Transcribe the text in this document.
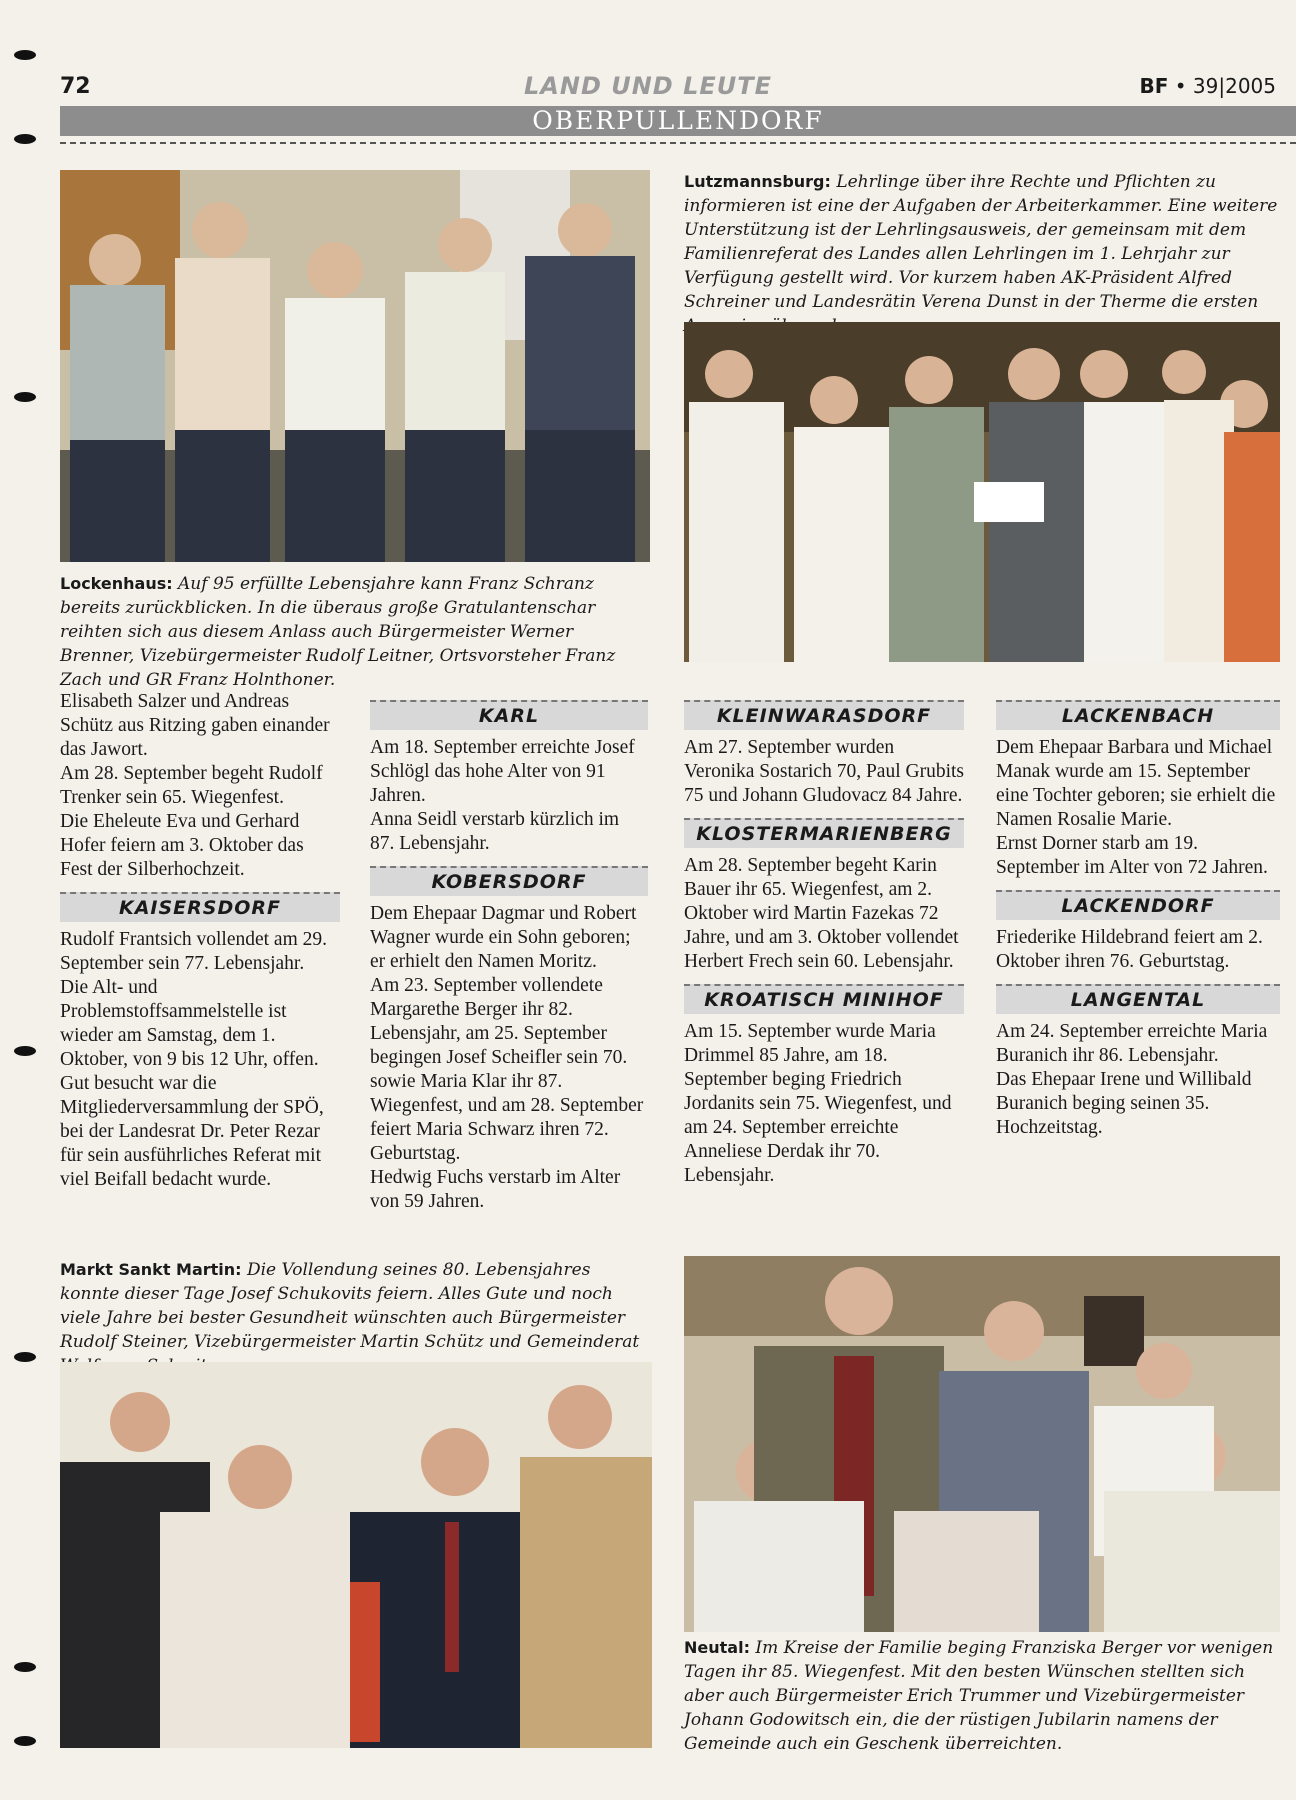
72	LAND UND LEUTE	BF • 39|2005
OBERPULLENDORF
Lockenhaus: Auf 95 erfüllte Lebensjahre kann Franz Schranz bereits zurückblicken. In die überaus große Gratulantenschar reihten sich aus diesem Anlass auch Bürgermeister Werner Brenner, Vizebürgermeister Rudolf Leitner, Ortsvorsteher Franz Zach und GR Franz Holnthoner.
Lutzmannsburg: Lehrlinge über ihre Rechte und Pflichten zu informieren ist eine der Aufgaben der Arbeiterkammer. Eine weitere Unterstützung ist der Lehrlingsausweis, der gemeinsam mit dem Familienreferat des Landes allen Lehrlingen im 1. Lehrjahr zur Verfügung gestellt wird. Vor kurzem haben AK-Präsident Alfred Schreiner und Landesrätin Verena Dunst in der Therme die ersten

Elisabeth Salzer und Andreas Schütz aus Ritzing gaben einander das Jawort.

Am 28. September begeht Rudolf Trenker sein 65. Wiegenfest.

Die Eheleute Eva und Gerhard Hofer feiern am 3. Oktober das Fest der Silberhochzeit.

KAISERSDORF

Rudolf Frantsich vollendet am 29. September sein 77. Lebensjahr.

Die Alt- und Problemstoffsammelstelle ist wieder am Samstag, dem 1. Oktober, von 9 bis 12 Uhr, offen.

Gut besucht war die Mitgliederversammlung der SPÖ, bei der Landesrat Dr. Peter Rezar für sein ausführliches Referat mit viel Beifall bedacht wurde.

KARL

Am 18. September erreichte Josef Schlögl das hohe Alter von 91 Jahren.

Anna Seidl verstarb kürzlich im 87. Lebensjahr.

KOBERSDORF

Dem Ehepaar Dagmar und Robert Wagner wurde ein Sohn geboren; er erhielt den Namen Moritz.

Am 23. September vollendete Margarethe Berger ihr 82. Lebensjahr, am 25. September begingen Josef Scheifler sein 70. sowie Maria Klar ihr 87. Wiegenfest, und am 28. September feiert Maria Schwarz ihren 72. Geburtstag.

Hedwig Fuchs verstarb im Alter von 59 Jahren.

KLEINWARASDORF

Am 27. September wurden Veronika Sostarich 70, Paul Grubits 75 und Johann Gludovacz 84 Jahre.

KLOSTERMARIENBERG

Am 28. September begeht Karin Bauer ihr 65. Wiegenfest, am 2. Oktober wird Martin Fazekas 72 Jahre, und am 3. Oktober vollendet Herbert Frech sein 60. Lebensjahr.

KROATISCH MINIHOF

Am 15. September wurde Maria Drimmel 85 Jahre, am 18. September beging Friedrich Jordanits sein 75. Wiegenfest, und am 24. September erreichte Anneliese Derdak ihr 70. Lebensjahr.

LACKENBACH

Dem Ehepaar Barbara und Michael Manak wurde am 15. September eine Tochter geboren; sie erhielt die Namen Rosalie Marie.

Ernst Dorner starb am 19. September im Alter von 72 Jahren.

LACKENDORF

Friederike Hildebrand feiert am 2. Oktober ihren 76. Geburtstag.

LANGENTAL

Am 24. September erreichte Maria Buranich ihr 86. Lebensjahr.

Das Ehepaar Irene und Willibald Buranich beging seinen 35. Hochzeitstag.

Markt Sankt Martin: Die Vollendung seines 80. Lebensjahres konnte dieser Tage Josef Schukovits feiern. Alles Gute und noch viele Jahre bei bester Gesundheit wünschten auch Bürgermeister Rudolf Steiner, Vizebürgermeister Martin Schütz und Gemeinderat
Neutal: Im Kreise der Familie beging Franziska Berger vor wenigen Tagen ihr 85. Wiegenfest. Mit den besten Wünschen stellten sich aber auch Bürgermeister Erich Trummer und Vizebürgermeister Johann Godowitsch ein, die der rüstigen Jubilarin namens der Gemeinde auch ein Geschenk überreichten.
